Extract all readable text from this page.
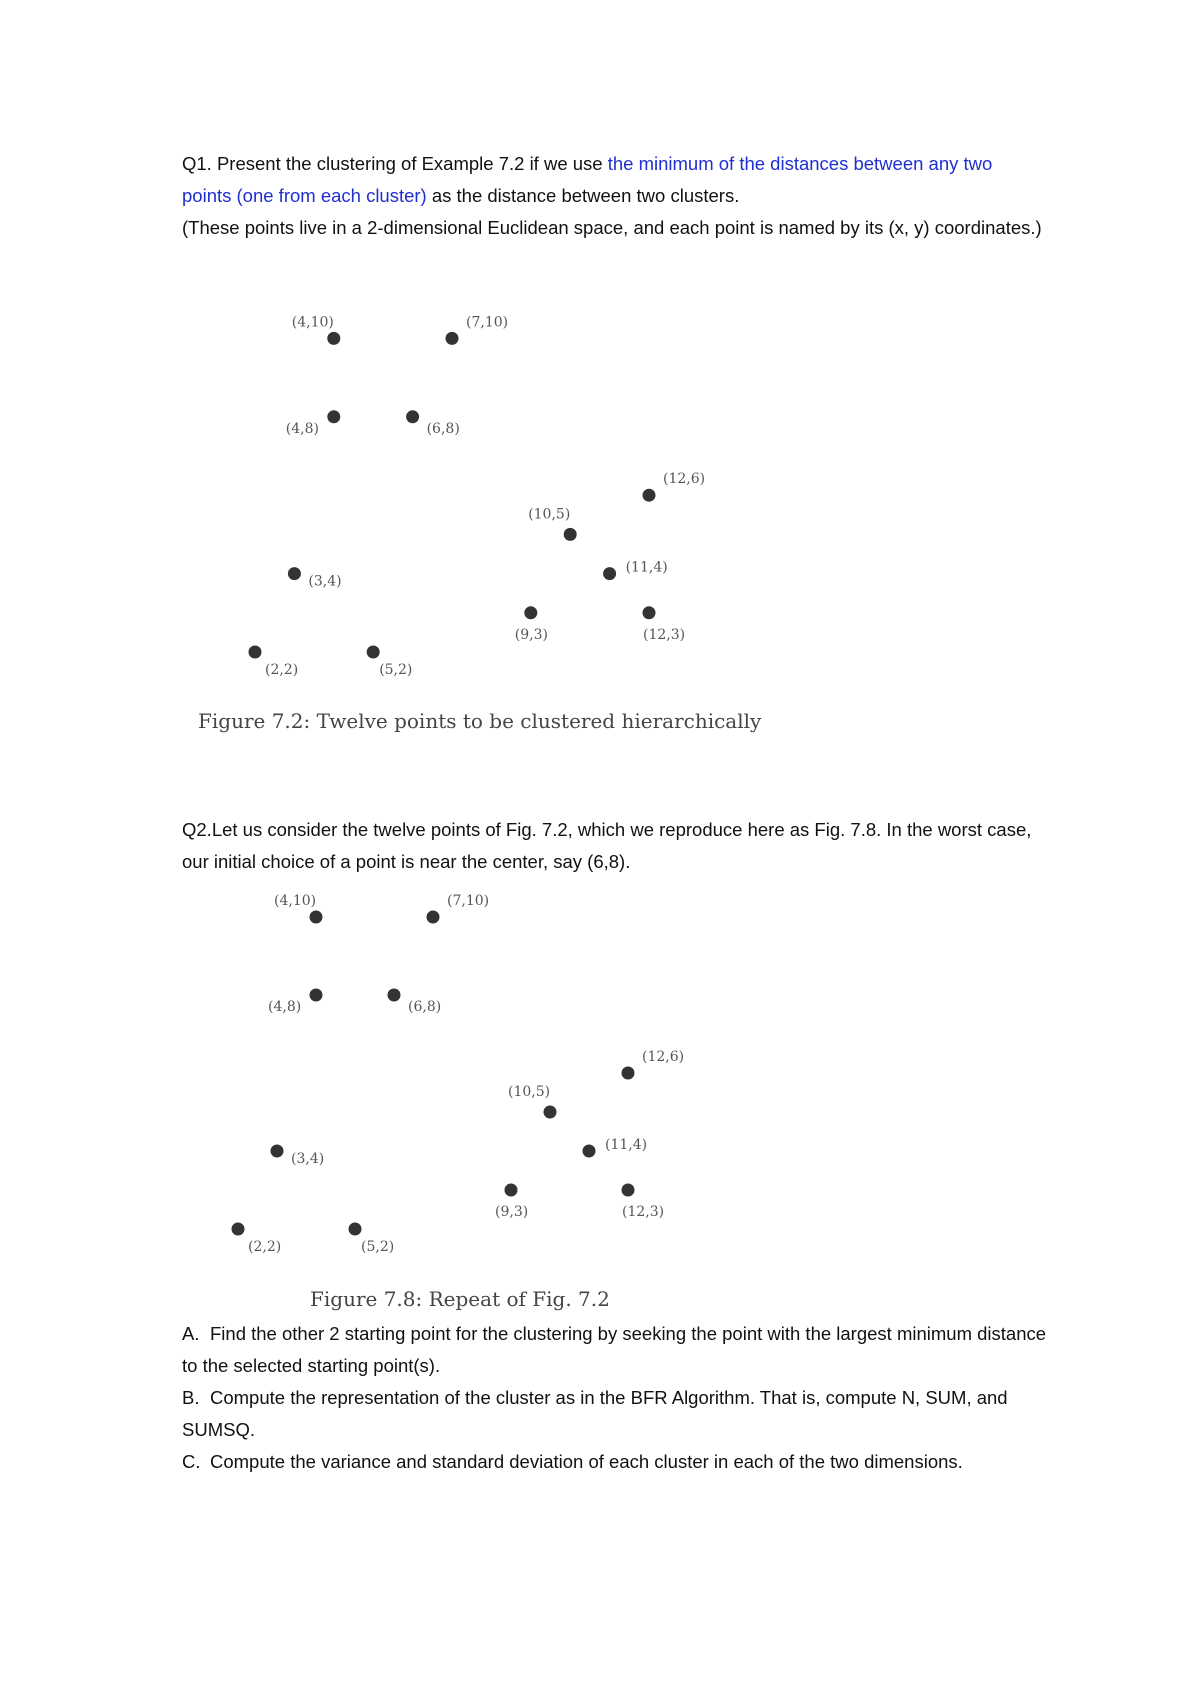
Q1. Present the clustering of Example 7.2 if we use the minimum of the distances between any two points (one from each cluster) as the distance between two clusters.

(These points live in a 2-dimensional Euclidean space, and each point is named by its (x, y) coordinates.)

(4,10)	(7,10)
(4,8)	(6,8)
(12,6)
(10,5)
(11,4)
(3,4)
(9,3)	(12,3)
(2,2)	(5,2)
Figure 7.2: Twelve points to be clustered hierarchically
(4,10)	(7,10)
(4,8)	(6,8)
(12,6)
(10,5)
(11,4)
(3,4)
(9,3)	(12,3)
(2,2)	(5,2)
Figure 7.8: Repeat of Fig. 7.2

Q2.Let us consider the twelve points of Fig. 7.2, which we reproduce here as Fig. 7.8. In the worst case, our initial choice of a point is near the center, say (6,8).

A. Find the other 2 starting point for the clustering by seeking the point with the largest minimum distance to the selected starting point(s).
B. Compute the representation of the cluster as in the BFR Algorithm. That is, compute N, SUM, and SUMSQ.
C. Compute the variance and standard deviation of each cluster in each of the two dimensions.
